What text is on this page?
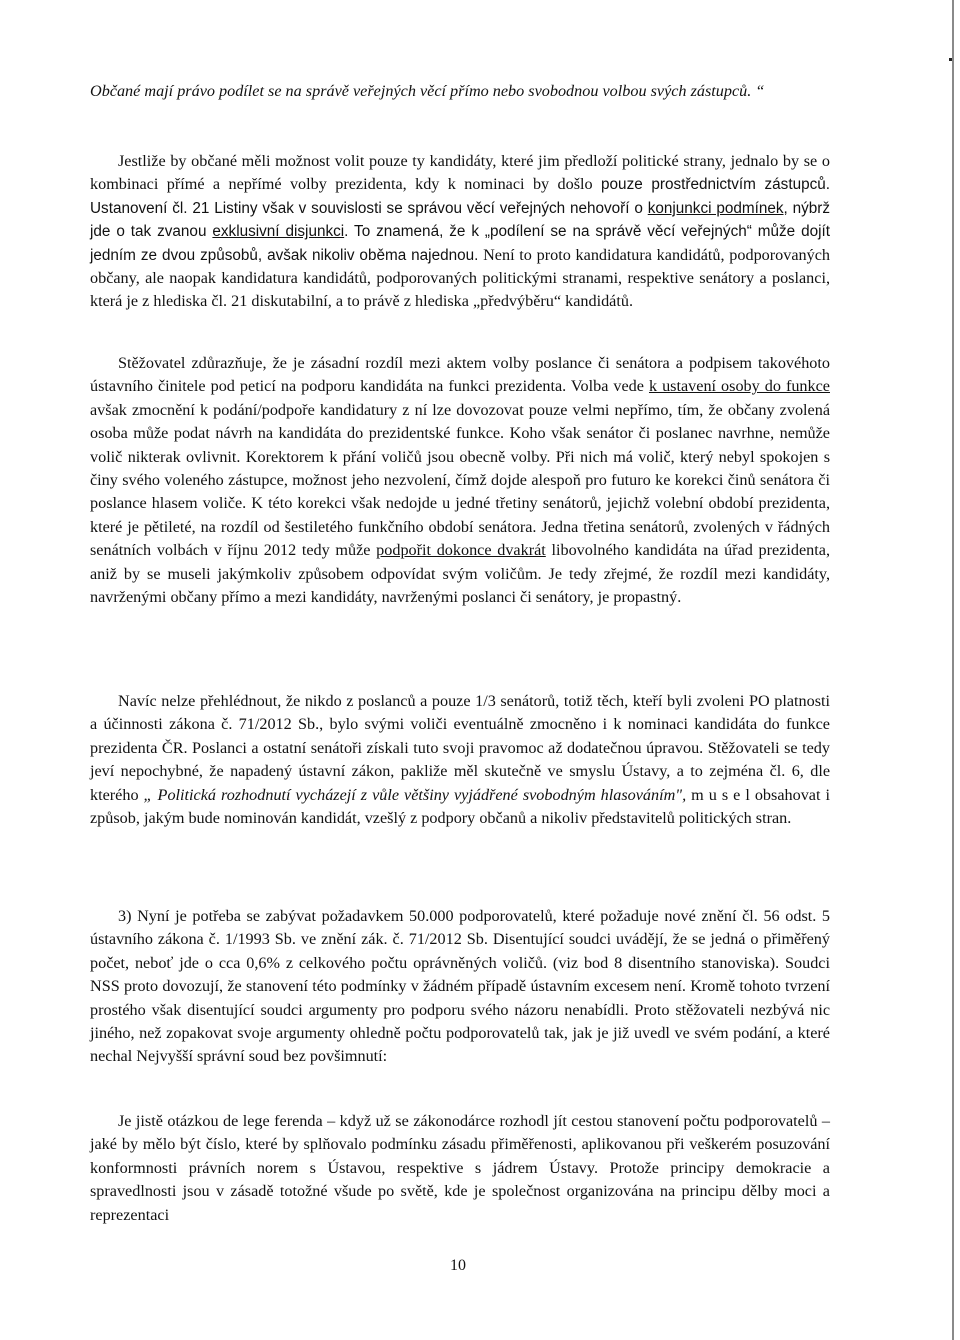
Občané mají právo podílet se na správě veřejných věcí přímo nebo svobodnou volbou svých zástupců. “

Jestliže by občané měli možnost volit pouze ty kandidáty, které jim předloží politické strany, jednalo by se o kombinaci přímé a nepřímé volby prezidenta, kdy k nominaci by došlo pouze prostřednictvím zástupců. Ustanovení čl. 21 Listiny však v souvislosti se správou věcí veřejných nehovoří o konjunkci podmínek, nýbrž jde o tak zvanou exklusivní disjunkci. To znamená, že k „podílení se na správě věcí veřejných“ může dojít jedním ze dvou způsobů, avšak nikoliv oběma najednou. Není to proto kandidatura kandidátů, podporovaných občany, ale naopak kandidatura kandidátů, podporovaných politickými stranami, respektive senátory a poslanci, která je z hlediska čl. 21 diskutabilní, a to právě z hlediska „předvýběru“ kandidátů.

Stěžovatel zdůrazňuje, že je zásadní rozdíl mezi aktem volby poslance či senátora a podpisem takovéhoto ústavního činitele pod peticí na podporu kandidáta na funkci prezidenta. Volba vede k ustavení osoby do funkce avšak zmocnění k podání/podpoře kandidatury z ní lze dovozovat pouze velmi nepřímo, tím, že občany zvolená osoba může podat návrh na kandidáta do prezidentské funkce. Koho však senátor či poslanec navrhne, nemůže volič nikterak ovlivnit. Korektorem k přání voličů jsou obecně volby. Při nich má volič, který nebyl spokojen s činy svého voleného zástupce, možnost jeho nezvolení, čímž dojde alespoň pro futuro ke korekci činů senátora či poslance hlasem voliče. K této korekci však nedojde u jedné třetiny senátorů, jejichž volební období prezidenta, které je pětileté, na rozdíl od šestiletého funkčního období senátora. Jedna třetina senátorů, zvolených v řádných senátních volbách v říjnu 2012 tedy může podpořit dokonce dvakrát libovolného kandidáta na úřad prezidenta, aniž by se museli jakýmkoliv způsobem odpovídat svým voličům. Je tedy zřejmé, že rozdíl mezi kandidáty, navrženými občany přímo a mezi kandidáty, navrženými poslanci či senátory, je propastný.

Navíc nelze přehlédnout, že nikdo z poslanců a pouze 1/3 senátorů, totiž těch, kteří byli zvoleni PO platnosti a účinnosti zákona č. 71/2012 Sb., bylo svými voliči eventuálně zmocněno i k nominaci kandidáta do funkce prezidenta ČR. Poslanci a ostatní senátoři získali tuto svoji pravomoc až dodatečnou úpravou. Stěžovateli se tedy jeví nepochybné, že napadený ústavní zákon, pakliže měl skutečně ve smyslu Ústavy, a to zejména čl. 6, dle kterého „ Politická rozhodnutí vycházejí z vůle většiny vyjádřené svobodným hlasováním", m u s e l obsahovat i způsob, jakým bude nominován kandidát, vzešlý z podpory občanů a nikoliv představitelů politických stran.

3) Nyní je potřeba se zabývat požadavkem 50.000 podporovatelů, které požaduje nové znění čl. 56 odst. 5 ústavního zákona č. 1/1993 Sb. ve znění zák. č. 71/2012 Sb. Disentující soudci uvádějí, že se jedná o přiměřený počet, neboť jde o cca 0,6% z celkového počtu oprávněných voličů. (viz bod 8 disentního stanoviska). Soudci NSS proto dovozují, že stanovení této podmínky v žádném případě ústavním excesem není. Kromě tohoto tvrzení prostého však disentující soudci argumenty pro podporu svého názoru nenabídli. Proto stěžovateli nezbývá nic jiného, než zopakovat svoje argumenty ohledně počtu podporovatelů tak, jak je již uvedl ve svém podání, a které nechal Nejvyšší správní soud bez povšimnutí:

Je jistě otázkou de lege ferenda – když už se zákonodárce rozhodl jít cestou stanovení počtu podporovatelů – jaké by mělo být číslo, které by splňovalo podmínku zásadu přiměřenosti, aplikovanou při veškerém posuzování konformnosti právních norem s Ústavou, respektive s jádrem Ústavy. Protože principy demokracie a spravedlnosti jsou v zásadě totožné všude po světě, kde je společnost organizována na principu dělby moci a reprezentaci

10
